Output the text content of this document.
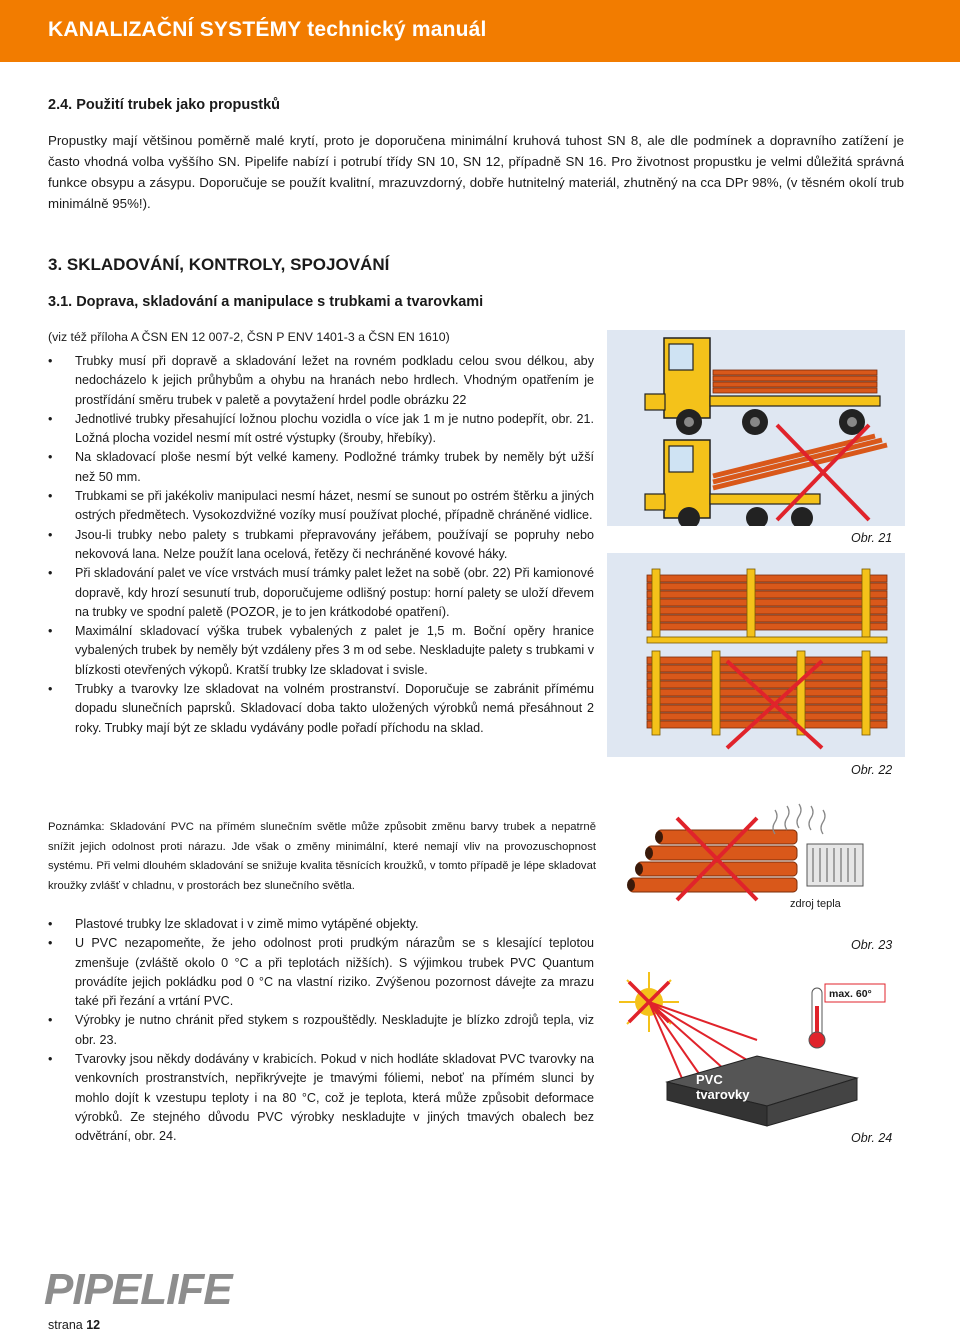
KANALIZAČNÍ SYSTÉMY technický manuál
2.4. Použití trubek jako propustků
Propustky mají většinou poměrně malé krytí, proto je doporučena minimální kruhová tuhost SN 8, ale dle podmínek a dopravního zatížení je často vhodná volba vyššího SN. Pipelife nabízí i potrubí třídy SN 10, SN 12, případně SN 16. Pro životnost propustku je velmi důležitá správná funkce obsypu a zásypu. Doporučuje se použít kvalitní, mrazuvzdorný, dobře hutnitelný materiál, zhutněný na cca DPr 98%, (v těsném okolí trub minimálně 95%!).
3. SKLADOVÁNÍ, KONTROLY, SPOJOVÁNÍ
3.1. Doprava, skladování a manipulace s trubkami a tvarovkami
(viz též příloha A ČSN EN 12 007-2, ČSN P ENV 1401-3 a ČSN EN 1610)
• Trubky musí při dopravě a skladování ležet na rovném podkladu celou svou délkou, aby nedocházelo k jejich průhybům a ohybu na hranách nebo hrdlech. Vhodným opatřením je prostřídání směru trubek v paletě a povytažení hrdel podle obrázku 22
• Jednotlivé trubky přesahující ložnou plochu vozidla o více jak 1 m je nutno podepřít, obr. 21. Ložná plocha vozidel nesmí mít ostré výstupky (šrouby, hřebíky).
• Na skladovací ploše nesmí být velké kameny. Podložné trámky trubek by neměly být užší než 50 mm.
• Trubkami se při jakékoliv manipulaci nesmí házet, nesmí se sunout po ostrém štěrku a jiných ostrých předmětech. Vysokozdvižné vozíky musí používat ploché, případně chráněné vidlice.
• Jsou-li trubky nebo palety s trubkami přepravovány jeřábem, používají se popruhy nebo nekovová lana. Nelze použít lana ocelová, řetězy či nechráněné kovové háky.
• Při skladování palet ve více vrstvách musí trámky palet ležet na sobě (obr. 22) Při kamionové dopravě, kdy hrozí sesunutí trub, doporučujeme odlišný postup: horní palety se uloží dřevem na trubky ve spodní paletě (POZOR, je to jen krátkodobé opatření).
• Maximální skladovací výška trubek vybalených z palet je 1,5 m. Boční opěry hranice vybalených trubek by neměly být vzdáleny přes 3 m od sebe. Neskladujte palety s trubkami v blízkosti otevřených výkopů. Kratší trubky lze skladovat i svisle.
• Trubky a tvarovky lze skladovat na volném prostranství. Doporučuje se zabránit přímému dopadu slunečních paprsků. Skladovací doba takto uložených výrobků nemá přesáhnout 2 roky. Trubky mají být ze skladu vydávány podle pořadí příchodu na sklad.
Poznámka: Skladování PVC na přímém slunečním světle může způsobit změnu barvy trubek a nepatrně snížit jejich odolnost proti nárazu. Jde však o změny minimální, které nemají vliv na provozuschopnost systému. Při velmi dlouhém skladování se snižuje kvalita těsnících kroužků, v tomto případě je lépe skladovat kroužky zvlášť v chladnu, v prostorách bez slunečního světla.
• Plastové trubky lze skladovat i v zimě mimo vytápěné objekty.
• U PVC nezapomeňte, že jeho odolnost proti prudkým nárazům se s klesající teplotou zmenšuje (zvláště okolo 0 °C a při teplotách nižších). S výjimkou trubek PVC Quantum provádíte jejich pokládku pod 0 °C na vlastní riziko. Zvýšenou pozornost dávejte za mrazu také při řezání a vrtání PVC.
• Výrobky je nutno chránit před stykem s rozpouštědly. Neskladujte je blízko zdrojů tepla, viz obr. 23.
• Tvarovky jsou někdy dodávány v krabicích. Pokud v nich hodláte skladovat PVC tvarovky na venkovních prostranstvích, nepřikrývejte je tmavými fóliemi, neboť na přímém slunci by mohlo dojít k vzestupu teploty i na 80 °C, což je teplota, která může způsobit deformace výrobků. Ze stejného důvodu PVC výrobky neskladujte v jiných tmavých obalech bez odvětrání, obr. 24.
Obr. 21
Obr. 22
zdroj tepla
Obr. 23
max. 60°
PVC
tvarovky
Obr. 24
PIPELIFE
strana 12
